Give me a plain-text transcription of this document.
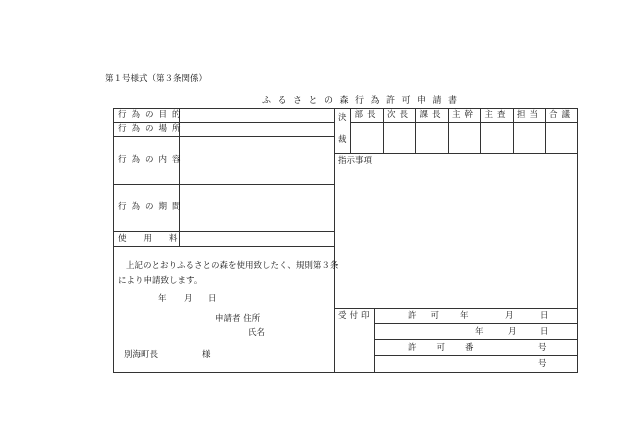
第１号様式（第３条関係）
ふるさとの森行為許可申請書
行為の目的
行為の場所
行為の内容
行為の期間
使用料
上記のとおりふるさとの森を使用致したく、規則第３条
により申請致します。
年 月 日
申請者 住所
氏名
別海町長	様
決
裁
部長 次長 課長 主幹 主査 担当 合議
指示事項
受付印	許可 年	月	日
年	月	日
許可番	号
号
